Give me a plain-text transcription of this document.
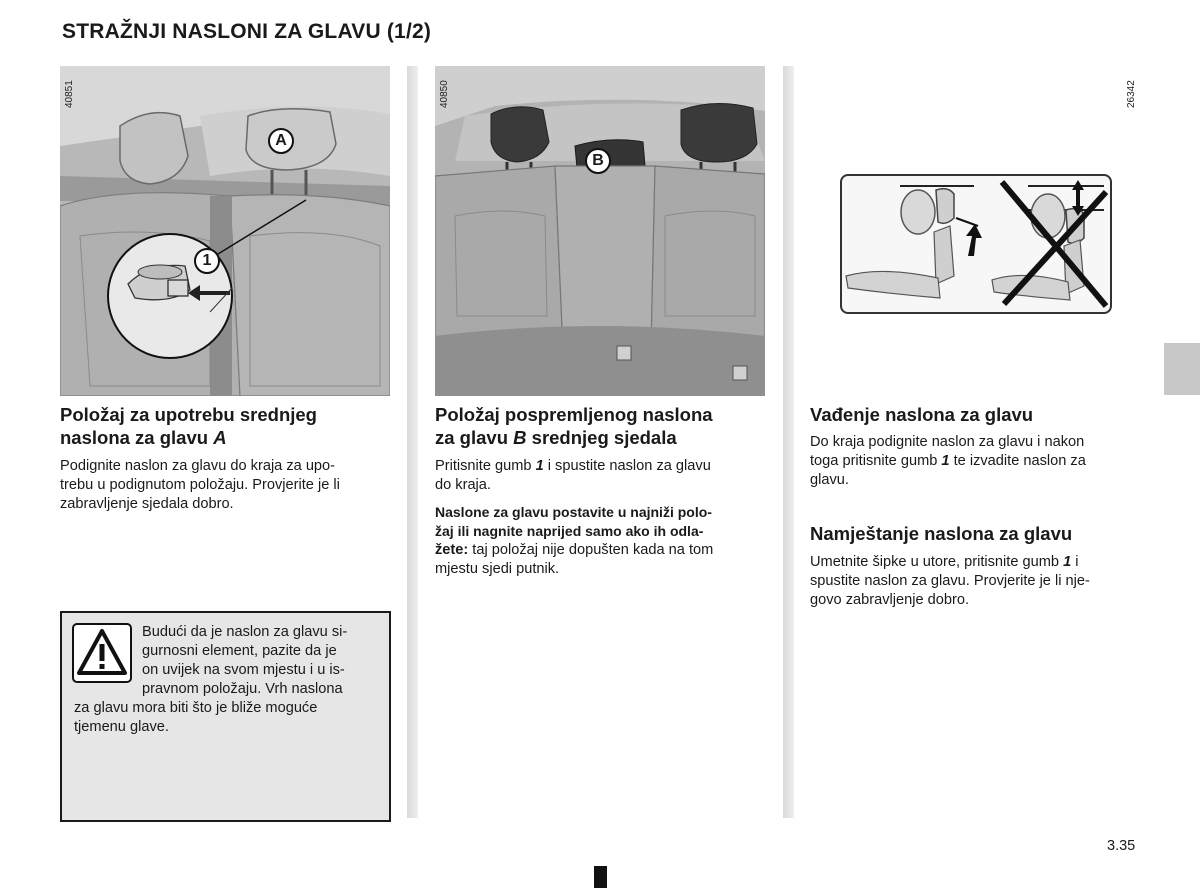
STRAŽNJI NASLONI ZA GLAVU (1/2)
A
1
40851
B
40850	26342
Položaj za upotrebu srednjeg
naslona za glavu A

Podignite naslon za glavu do kraja za upo-

trebu u podignutom položaju. Provjerite je li

zabravljenje sjedala dobro.

Budući da je naslon za glavu si-

gurnosni element, pazite da je

on uvijek na svom mjestu i u is-

pravnom položaju. Vrh naslona

za glavu mora biti što je bliže moguće

tjemenu glave.

Položaj pospremljenog naslona
za glavu B srednjeg sjedala

Pritisnite gumb 1 i spustite naslon za glavu

do kraja.

Naslone za glavu postavite u najniži polo-

žaj ili nagnite naprijed samo ako ih odla-

žete: taj položaj nije dopušten kada na tom

mjestu sjedi putnik.

Vađenje naslona za glavu

Do kraja podignite naslon za glavu i nakon

toga pritisnite gumb 1 te izvadite naslon za

glavu.

Namještanje naslona za glavu

Umetnite šipke u utore, pritisnite gumb 1 i

spustite naslon za glavu. Provjerite je li nje-

govo zabravljenje dobro.

3.35
